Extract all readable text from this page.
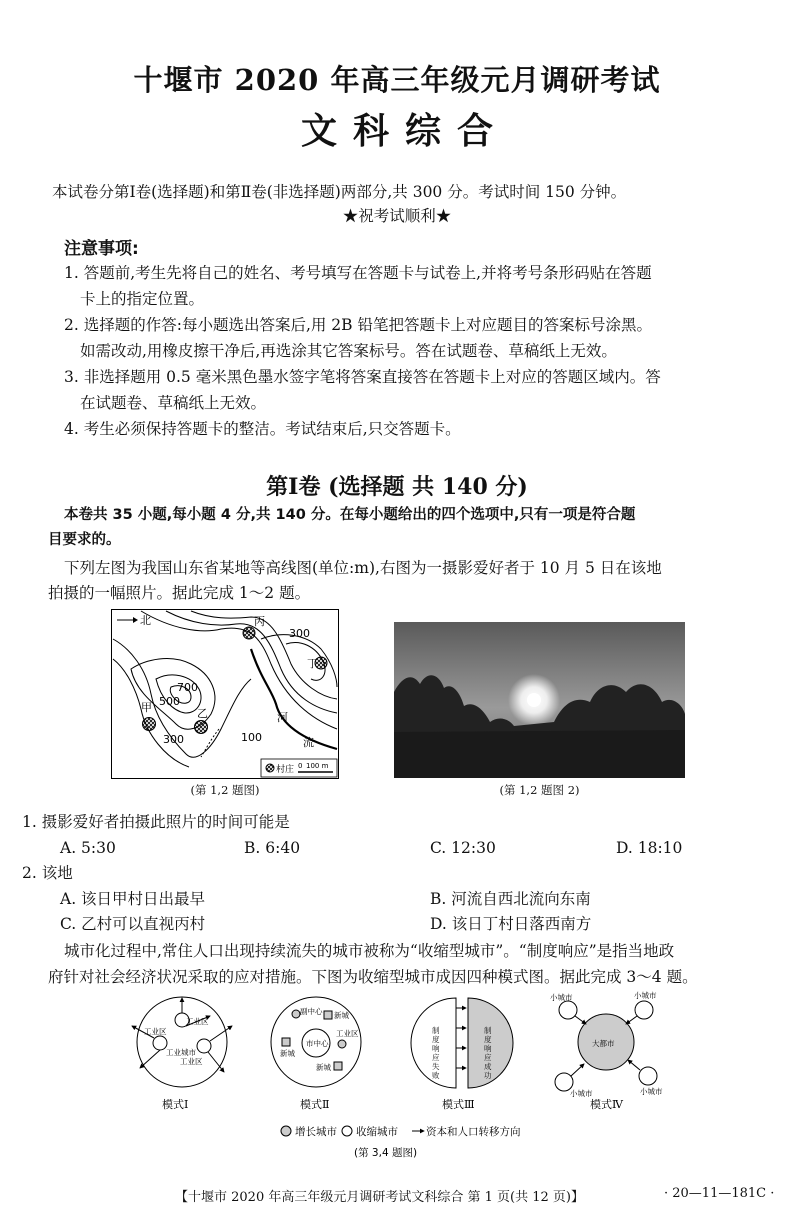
十堰市 2020 年高三年级元月调研考试
文科综合
本试卷分第Ⅰ卷(选择题)和第Ⅱ卷(非选择题)两部分,共 300 分。考试时间 150 分钟。
★祝考试顺利★
注意事项:
1. 答题前,考生先将自己的姓名、考号填写在答题卡与试卷上,并将考号条形码贴在答题
卡上的指定位置。
2. 选择题的作答:每小题选出答案后,用 2B 铅笔把答题卡上对应题目的答案标号涂黑。
如需改动,用橡皮擦干净后,再选涂其它答案标号。答在试题卷、草稿纸上无效。
3. 非选择题用 0.5 毫米黑色墨水签字笔将答案直接答在答题卡上对应的答题区域内。答
在试题卷、草稿纸上无效。
4. 考生必须保持答题卡的整洁。考试结束后,只交答题卡。
第Ⅰ卷 (选择题 共 140 分)
本卷共 35 小题,每小题 4 分,共 140 分。在每小题给出的四个选项中,只有一项是符合题
目要求的。
下列左图为我国山东省某地等高线图(单位:m),右图为一摄影爱好者于 10 月 5 日在该地
拍摄的一幅照片。据此完成 1～2 题。
北	丙
300
丁
700
500
甲	乙
300
河
100	流
村庄 0 100 m
(第 1,2 题图)	(第 1,2 题图 2)
1. 摄影爱好者拍摄此照片的时间可能是
A. 5:30	B. 6:40	C. 12:30	D. 18:10
2. 该地
A. 该日甲村日出最早	B. 河流自西北流向东南
C. 乙村可以直视丙村	D. 该日丁村日落西南方
城市化过程中,常住人口出现持续流失的城市被称为“收缩型城市”。“制度响应”是指当地政
府针对社会经济状况采取的应对措施。下图为收缩型城市成因四种模式图。据此完成 3～4 题。
工业区
工业区
工业区
工业城市
市中心
副中心 新城
新城
工业区
新城
制度响应失败
制度响应成功
大都市
小城市	小城市
小城市	小城市
模式Ⅰ	模式Ⅱ	模式Ⅲ	模式Ⅳ
增长城市 收缩城市	资本和人口转移方向
(第 3,4 题图)
【十堰市 2020 年高三年级元月调研考试文科综合 第 1 页(共 12 页)】	· 20—11—181C ·
